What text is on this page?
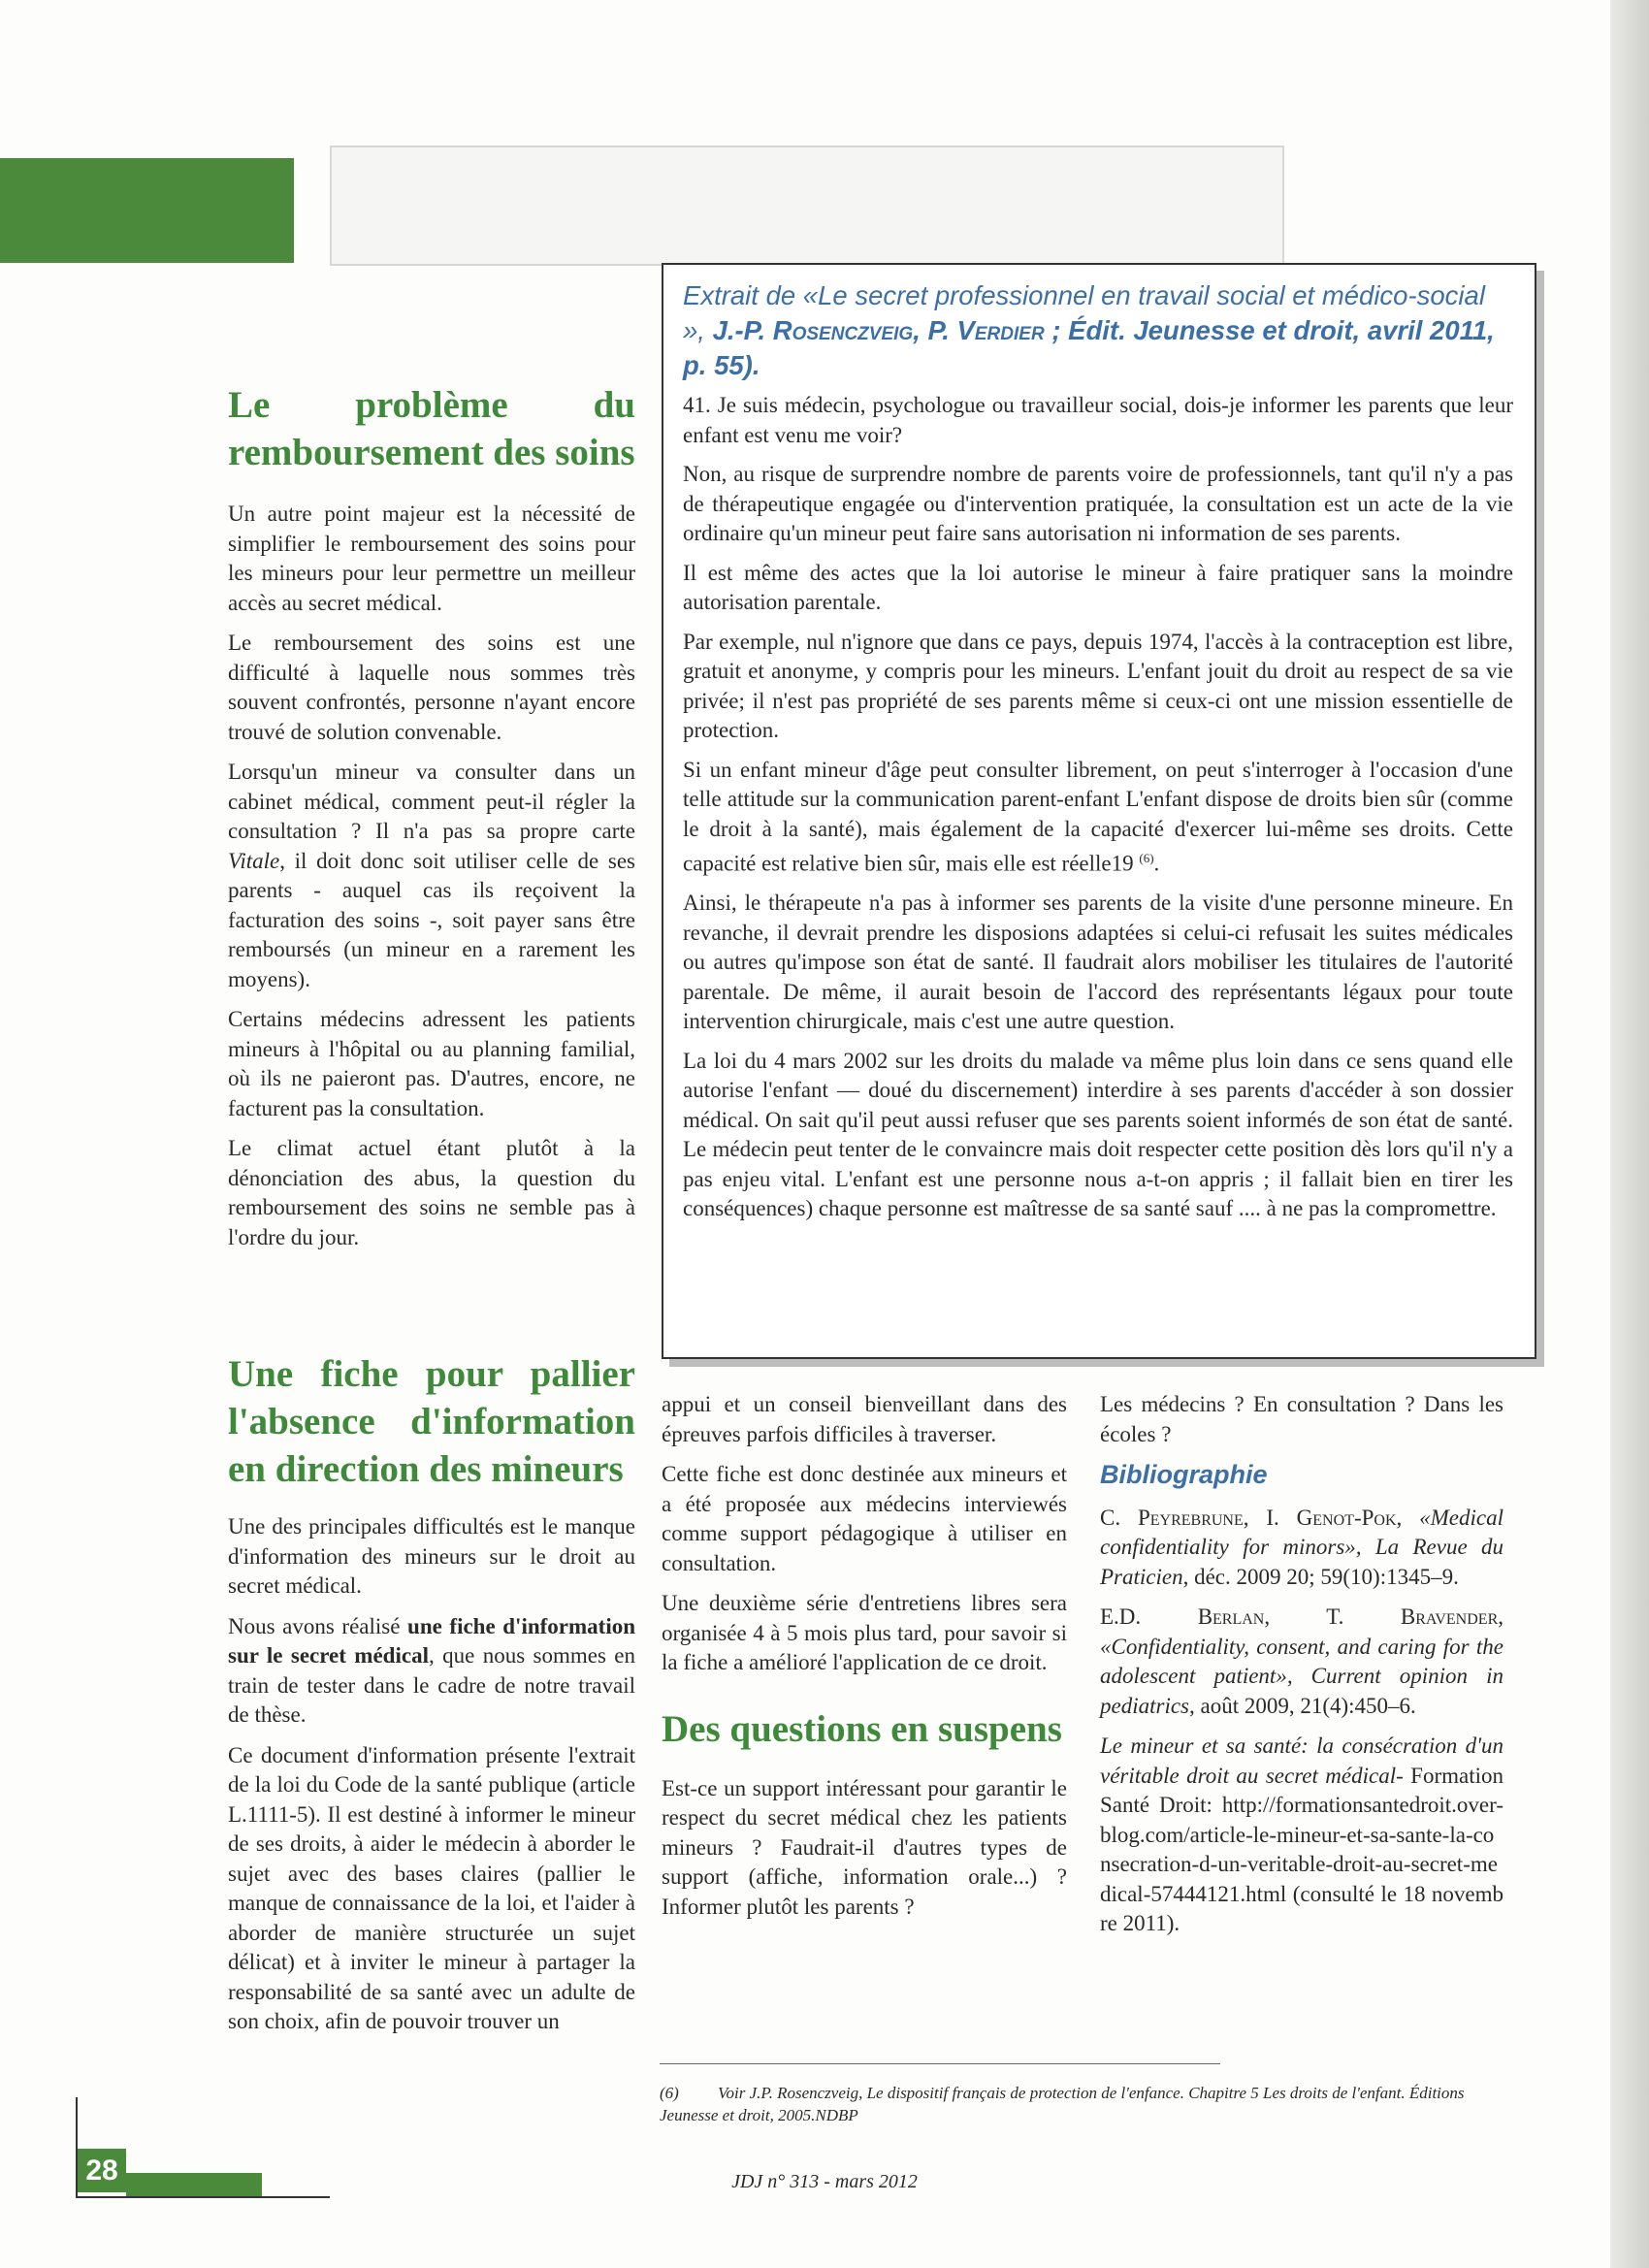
Le problème du remboursement des soins

Un autre point majeur est la nécessité de simplifier le remboursement des soins pour les mineurs pour leur permettre un meilleur accès au secret médical.

Le remboursement des soins est une difficulté à laquelle nous sommes très souvent confrontés, personne n'ayant encore trouvé de solution convenable.

Lorsqu'un mineur va consulter dans un cabinet médical, comment peut-il régler la consultation ? Il n'a pas sa propre carte Vitale, il doit donc soit utiliser celle de ses parents - auquel cas ils reçoivent la facturation des soins -, soit payer sans être remboursés (un mineur en a rarement les moyens).

Certains médecins adressent les patients mineurs à l'hôpital ou au planning familial, où ils ne paieront pas. D'autres, encore, ne facturent pas la consultation.

Le climat actuel étant plutôt à la dénonciation des abus, la question du remboursement des soins ne semble pas à l'ordre du jour.

Une fiche pour pallier l'absence d'information en direction des mineurs

Une des principales difficultés est le manque d'information des mineurs sur le droit au secret médical.

Nous avons réalisé une fiche d'information sur le secret médical, que nous sommes en train de tester dans le cadre de notre travail de thèse.

Ce document d'information présente l'extrait de la loi du Code de la santé publique (article L.1111-5). Il est destiné à informer le mineur de ses droits, à aider le médecin à aborder le sujet avec des bases claires (pallier le manque de connaissance de la loi, et l'aider à aborder de manière structurée un sujet délicat) et à inviter le mineur à partager la responsabilité de sa santé avec un adulte de son choix, afin de pouvoir trouver un

Extrait de «Le secret professionnel en travail social et médico-social », J.-P. Rosenczveig, P. Verdier ; Édit. Jeunesse et droit, avril 2011, p. 55).

41. Je suis médecin, psychologue ou travailleur social, dois-je informer les parents que leur enfant est venu me voir?

Non, au risque de surprendre nombre de parents voire de professionnels, tant qu'il n'y a pas de thérapeutique engagée ou d'intervention pratiquée, la consultation est un acte de la vie ordinaire qu'un mineur peut faire sans autorisation ni information de ses parents.

Il est même des actes que la loi autorise le mineur à faire pratiquer sans la moindre autorisation parentale.

Par exemple, nul n'ignore que dans ce pays, depuis 1974, l'accès à la contraception est libre, gratuit et anonyme, y compris pour les mineurs. L'enfant jouit du droit au respect de sa vie privée; il n'est pas propriété de ses parents même si ceux-ci ont une mission essentielle de protection.

Si un enfant mineur d'âge peut consulter librement, on peut s'interroger à l'occasion d'une telle attitude sur la communication parent-enfant L'enfant dispose de droits bien sûr (comme le droit à la santé), mais également de la capacité d'exercer lui-même ses droits. Cette capacité est relative bien sûr, mais elle est réelle19 $^{(6)}$.

Ainsi, le thérapeute n'a pas à informer ses parents de la visite d'une personne mineure. En revanche, il devrait prendre les disposions adaptées si celui-ci refusait les suites médicales ou autres qu'impose son état de santé. Il faudrait alors mobiliser les titulaires de l'autorité parentale. De même, il aurait besoin de l'accord des représentants légaux pour toute intervention chirurgicale, mais c'est une autre question.

La loi du 4 mars 2002 sur les droits du malade va même plus loin dans ce sens quand elle autorise l'enfant — doué du discernement) interdire à ses parents d'accéder à son dossier médical. On sait qu'il peut aussi refuser que ses parents soient informés de son état de santé. Le médecin peut tenter de le convaincre mais doit respecter cette position dès lors qu'il n'y a pas enjeu vital. L'enfant est une personne nous a-t-on appris ; il fallait bien en tirer les conséquences) chaque personne est maîtresse de sa santé sauf .... à ne pas la compromettre.

appui et un conseil bienveillant dans des épreuves parfois difficiles à traverser.

Cette fiche est donc destinée aux mineurs et a été proposée aux médecins interviewés comme support pédagogique à utiliser en consultation.

Une deuxième série d'entretiens libres sera organisée 4 à 5 mois plus tard, pour savoir si la fiche a amélioré l'application de ce droit.

Des questions en suspens

Est-ce un support intéressant pour garantir le respect du secret médical chez les patients mineurs ? Faudrait-il d'autres types de support (affiche, information orale...) ? Informer plutôt les parents ?

Les médecins ? En consultation ? Dans les écoles ?

Bibliographie

C. Peyrebrune, I. Genot-Pok, «Medical confidentiality for minors», La Revue du Praticien, déc. 2009 20; 59(10):1345–9.

E.D. Berlan, T. Bravender, «Confidentiality, consent, and caring for the adolescent patient», Current opinion in pediatrics, août 2009, 21(4):450–6.

Le mineur et sa santé: la consécration d'un véritable droit au secret médical- Formation Santé Droit: http://formationsantedroit.over-blog.com/article-le-mineur-et-sa-sante-la-consecration-d-un-veritable-droit-au-secret-medical-57444121.html (consulté le 18 novembre 2011).

(6) Voir J.P. Rosenczveig, Le dispositif français de protection de l'enfance. Chapitre 5 Les droits de l'enfant. Éditions Jeunesse et droit, 2005.NDBP
28	JDJ n° 313 - mars 2012
